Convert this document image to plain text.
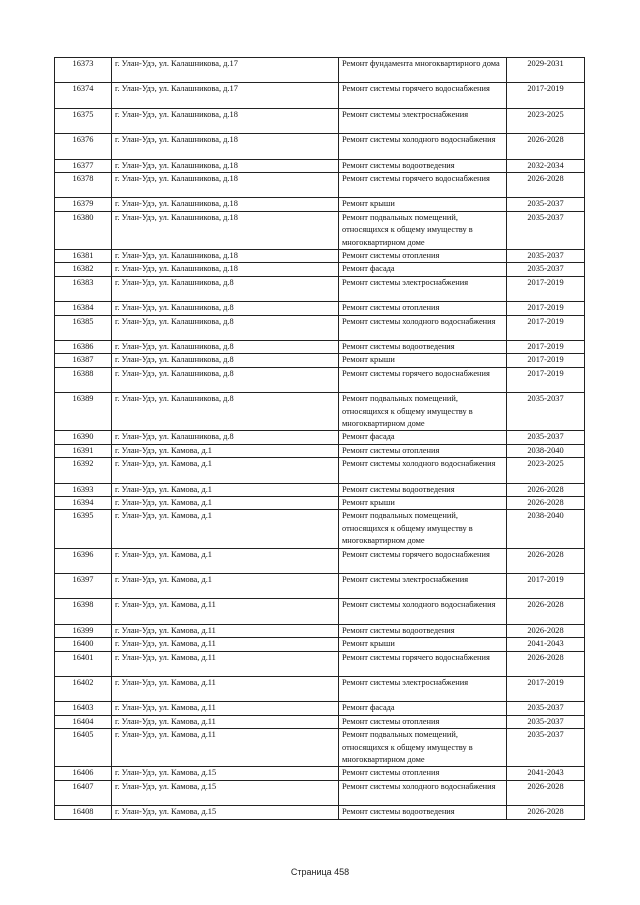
16373	г. Улан-Удэ, ул. Калашникова, д.17	Ремонт фундамента многоквартирного дома	2029-2031
16374	г. Улан-Удэ, ул. Калашникова, д.17	Ремонт системы горячего водоснабжения	2017-2019
16375	г. Улан-Удэ, ул. Калашникова, д.18	Ремонт системы электроснабжения	2023-2025
16376	г. Улан-Удэ, ул. Калашникова, д.18	Ремонт системы холодного водоснабжения	2026-2028
16377	г. Улан-Удэ, ул. Калашникова, д.18	Ремонт системы водоотведения	2032-2034
16378	г. Улан-Удэ, ул. Калашникова, д.18	Ремонт системы горячего водоснабжения	2026-2028
16379	г. Улан-Удэ, ул. Калашникова, д.18	Ремонт крыши	2035-2037
16380	г. Улан-Удэ, ул. Калашникова, д.18	Ремонт подвальных помещений, относящихся к общему имуществу в многоквартирном доме	2035-2037
16381	г. Улан-Удэ, ул. Калашникова, д.18	Ремонт системы отопления	2035-2037
16382	г. Улан-Удэ, ул. Калашникова, д.18	Ремонт фасада	2035-2037
16383	г. Улан-Удэ, ул. Калашникова, д.8	Ремонт системы электроснабжения	2017-2019
16384	г. Улан-Удэ, ул. Калашникова, д.8	Ремонт системы отопления	2017-2019
16385	г. Улан-Удэ, ул. Калашникова, д.8	Ремонт системы холодного водоснабжения	2017-2019
16386	г. Улан-Удэ, ул. Калашникова, д.8	Ремонт системы водоотведения	2017-2019
16387	г. Улан-Удэ, ул. Калашникова, д.8	Ремонт крыши	2017-2019
16388	г. Улан-Удэ, ул. Калашникова, д.8	Ремонт системы горячего водоснабжения	2017-2019
16389	г. Улан-Удэ, ул. Калашникова, д.8	Ремонт подвальных помещений, относящихся к общему имуществу в многоквартирном доме	2035-2037
16390	г. Улан-Удэ, ул. Калашникова, д.8	Ремонт фасада	2035-2037
16391	г. Улан-Удэ, ул. Камова, д.1	Ремонт системы отопления	2038-2040
16392	г. Улан-Удэ, ул. Камова, д.1	Ремонт системы холодного водоснабжения	2023-2025
16393	г. Улан-Удэ, ул. Камова, д.1	Ремонт системы водоотведения	2026-2028
16394	г. Улан-Удэ, ул. Камова, д.1	Ремонт крыши	2026-2028
16395	г. Улан-Удэ, ул. Камова, д.1	Ремонт подвальных помещений, относящихся к общему имуществу в многоквартирном доме	2038-2040
16396	г. Улан-Удэ, ул. Камова, д.1	Ремонт системы горячего водоснабжения	2026-2028
16397	г. Улан-Удэ, ул. Камова, д.1	Ремонт системы электроснабжения	2017-2019
16398	г. Улан-Удэ, ул. Камова, д.11	Ремонт системы холодного водоснабжения	2026-2028
16399	г. Улан-Удэ, ул. Камова, д.11	Ремонт системы водоотведения	2026-2028
16400	г. Улан-Удэ, ул. Камова, д.11	Ремонт крыши	2041-2043
16401	г. Улан-Удэ, ул. Камова, д.11	Ремонт системы горячего водоснабжения	2026-2028
16402	г. Улан-Удэ, ул. Камова, д.11	Ремонт системы электроснабжения	2017-2019
16403	г. Улан-Удэ, ул. Камова, д.11	Ремонт фасада	2035-2037
16404	г. Улан-Удэ, ул. Камова, д.11	Ремонт системы отопления	2035-2037
16405	г. Улан-Удэ, ул. Камова, д.11	Ремонт подвальных помещений, относящихся к общему имуществу в многоквартирном доме	2035-2037
16406	г. Улан-Удэ, ул. Камова, д.15	Ремонт системы отопления	2041-2043
16407	г. Улан-Удэ, ул. Камова, д.15	Ремонт системы холодного водоснабжения	2026-2028
16408	г. Улан-Удэ, ул. Камова, д.15	Ремонт системы водоотведения	2026-2028
Страница 458
